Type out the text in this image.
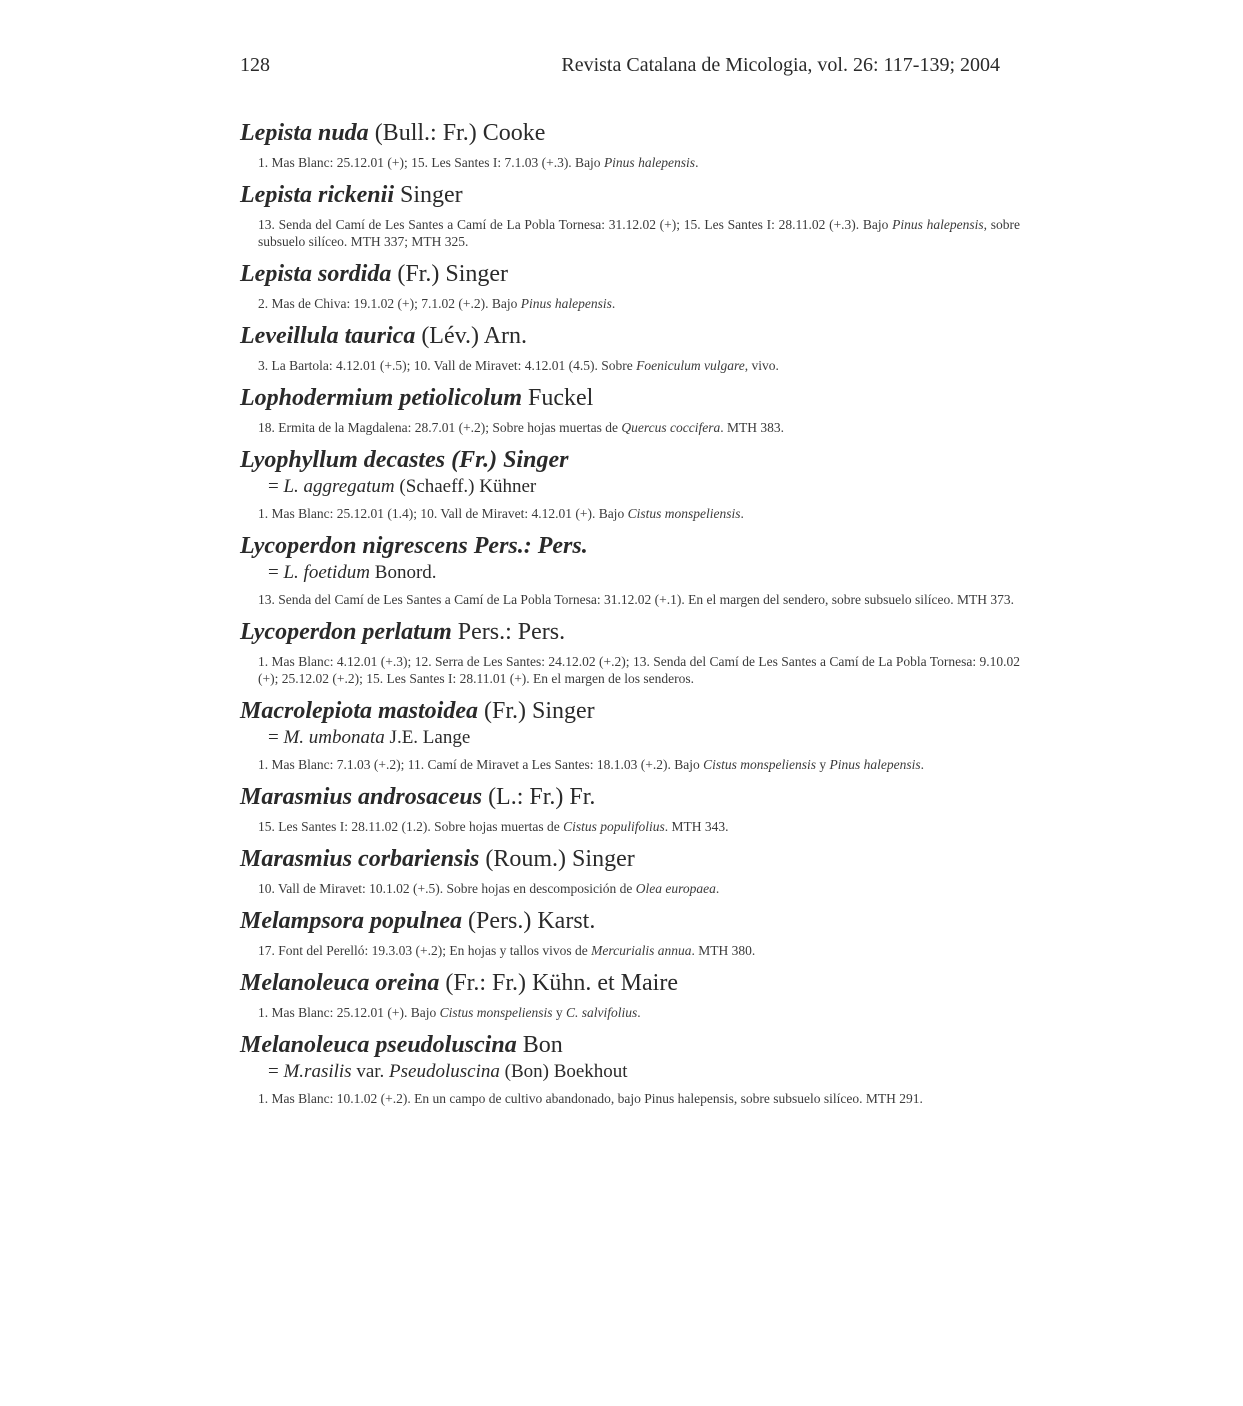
128	Revista Catalana de Micologia, vol. 26: 117-139; 2004
Lepista nuda (Bull.: Fr.) Cooke
1. Mas Blanc: 25.12.01 (+); 15. Les Santes I: 7.1.03 (+.3). Bajo Pinus halepensis.
Lepista rickenii Singer
13. Senda del Camí de Les Santes a Camí de La Pobla Tornesa: 31.12.02 (+); 15. Les Santes I: 28.11.02 (+.3). Bajo Pinus halepensis, sobre subsuelo silíceo. MTH 337; MTH 325.
Lepista sordida (Fr.) Singer
2. Mas de Chiva: 19.1.02 (+); 7.1.02 (+.2). Bajo Pinus halepensis.
Leveillula taurica (Lév.) Arn.
3. La Bartola: 4.12.01 (+.5); 10. Vall de Miravet: 4.12.01 (4.5). Sobre Foeniculum vulgare, vivo.
Lophodermium petiolicolum Fuckel
18. Ermita de la Magdalena: 28.7.01 (+.2); Sobre hojas muertas de Quercus coccifera. MTH 383.
Lyophyllum decastes (Fr.) Singer
= L. aggregatum (Schaeff.) Kühner
1. Mas Blanc: 25.12.01 (1.4); 10. Vall de Miravet: 4.12.01 (+). Bajo Cistus monspeliensis.
Lycoperdon nigrescens Pers.: Pers.
= L. foetidum Bonord.
13. Senda del Camí de Les Santes a Camí de La Pobla Tornesa: 31.12.02 (+.1). En el margen del sendero, sobre subsuelo silíceo. MTH 373.
Lycoperdon perlatum Pers.: Pers.
1. Mas Blanc: 4.12.01 (+.3); 12. Serra de Les Santes: 24.12.02 (+.2); 13. Senda del Camí de Les Santes a Camí de La Pobla Tornesa: 9.10.02 (+); 25.12.02 (+.2); 15. Les Santes I: 28.11.01 (+). En el margen de los senderos.
Macrolepiota mastoidea (Fr.) Singer
= M. umbonata J.E. Lange
1. Mas Blanc: 7.1.03 (+.2); 11. Camí de Miravet a Les Santes: 18.1.03 (+.2). Bajo Cistus monspeliensis y Pinus halepensis.
Marasmius androsaceus (L.: Fr.) Fr.
15. Les Santes I: 28.11.02 (1.2). Sobre hojas muertas de Cistus populifolius. MTH 343.
Marasmius corbariensis (Roum.) Singer
10. Vall de Miravet: 10.1.02 (+.5). Sobre hojas en descomposición de Olea europaea.
Melampsora populnea (Pers.) Karst.
17. Font del Perelló: 19.3.03 (+.2); En hojas y tallos vivos de Mercurialis annua. MTH 380.
Melanoleuca oreina (Fr.: Fr.) Kühn. et Maire
1. Mas Blanc: 25.12.01 (+). Bajo Cistus monspeliensis y C. salvifolius.
Melanoleuca pseudoluscina Bon
= M.rasilis var. Pseudoluscina (Bon) Boekhout
1. Mas Blanc: 10.1.02 (+.2). En un campo de cultivo abandonado, bajo Pinus halepensis, sobre subsuelo silíceo. MTH 291.
